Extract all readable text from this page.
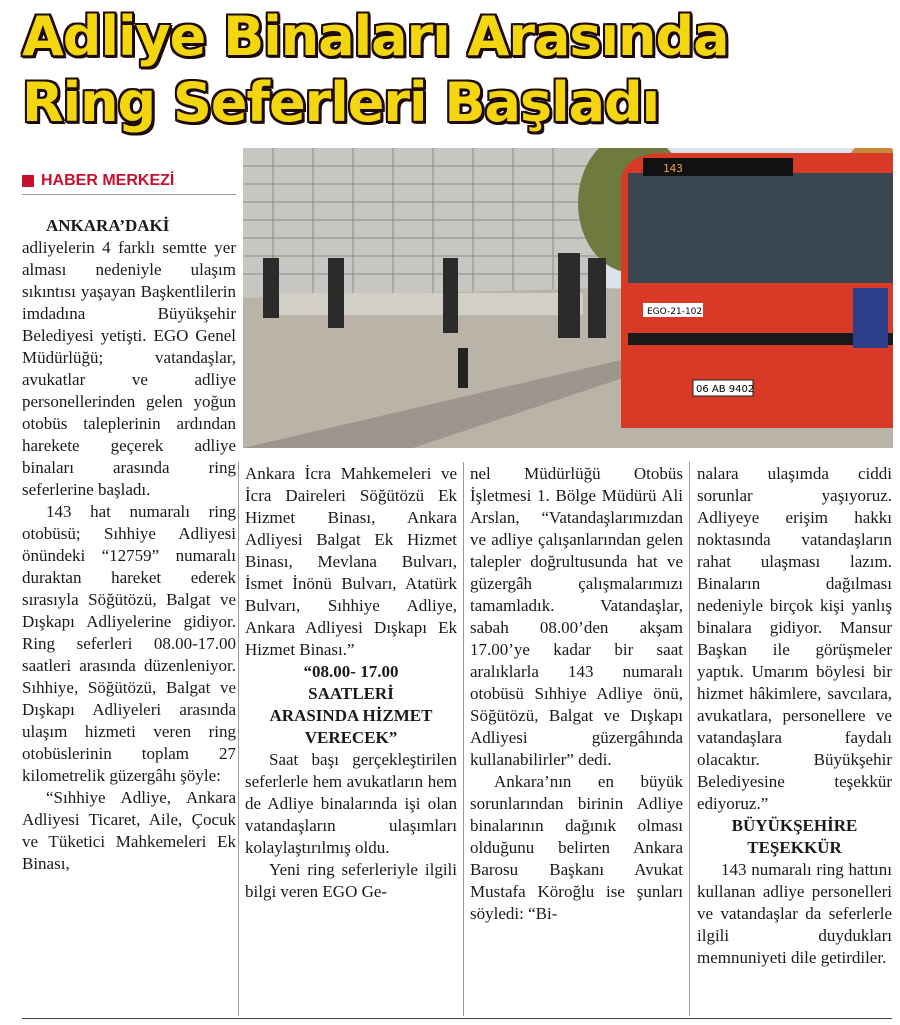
Adliye Binaları Arasında
Ring Seferleri Başladı
HABER MERKEZİ
143
EGO-21-102
06 AB 9402

ANKARA’DAKİ adliyelerin 4 farklı semtte yer alması nedeniyle ulaşım sıkıntısı yaşayan Başkentlilerin imdadına Büyükşehir Belediyesi yetişti. EGO Genel Müdürlüğü; vatandaşlar, avukatlar ve adliye personellerinden gelen yoğun otobüs taleplerinin ardından harekete geçerek adliye binaları arasında ring seferlerine başladı.

143 hat numaralı ring otobüsü; Sıhhiye Adliyesi önündeki “12759” numaralı duraktan hareket ederek sırasıyla Söğütözü, Balgat ve Dışkapı Adliyelerine gidiyor. Ring seferleri 08.00-17.00 saatleri arasında düzenleniyor. Sıhhiye, Söğütözü, Balgat ve Dışkapı Adliyeleri arasında ulaşım hizmeti veren ring otobüslerinin toplam 27 kilometrelik güzergâhı şöyle:

“Sıhhiye Adliye, Ankara Adliyesi Ticaret, Aile, Çocuk ve Tüketici Mahkemeleri Ek Binası,

Ankara İcra Mahkemeleri ve İcra Daireleri Söğütözü Ek Hizmet Binası, Ankara Adliyesi Balgat Ek Hizmet Binası, Mevlana Bulvarı, İsmet İnönü Bulvarı, Atatürk Bulvarı, Sıhhiye Adliye, Ankara Adliyesi Dışkapı Ek Hizmet Binası.”

“08.00- 17.00

SAATLERİ

ARASINDA HİZMET

VERECEK”

Saat başı gerçekleştirilen seferlerle hem avukatların hem de Adliye binalarında işi olan vatandaşların ulaşımları kolaylaştırılmış oldu.

Yeni ring seferleriyle ilgili bilgi veren EGO Ge-

nel Müdürlüğü Otobüs İşletmesi 1. Bölge Müdürü Ali Arslan, “Vatandaşlarımızdan ve adliye çalışanlarından gelen talepler doğrultusunda hat ve güzergâh çalışmalarımızı tamamladık. Vatandaşlar, sabah 08.00’den akşam 17.00’ye kadar bir saat aralıklarla 143 numaralı otobüsü Sıhhiye Adliye önü, Söğütözü, Balgat ve Dışkapı Adliyesi güzergâhında kullanabilirler” dedi.

Ankara’nın en büyük sorunlarından birinin Adliye binalarının dağınık olması olduğunu belirten Ankara Barosu Başkanı Avukat Mustafa Köroğlu ise şunları söyledi: “Bi-

nalara ulaşımda ciddi sorunlar yaşıyoruz. Adliyeye erişim hakkı noktasında vatandaşların rahat ulaşması lazım. Binaların dağılması nedeniyle birçok kişi yanlış binalara gidiyor. Mansur Başkan ile görüşmeler yaptık. Umarım böylesi bir hizmet hâkimlere, savcılara, avukatlara, personellere ve vatandaşlara faydalı olacaktır. Büyükşehir Belediyesine teşekkür ediyoruz.”

BÜYÜKŞEHİRE

TEŞEKKÜR

143 numaralı ring hattını kullanan adliye personelleri ve vatandaşlar da seferlerle ilgili duydukları memnuniyeti dile getirdiler.
